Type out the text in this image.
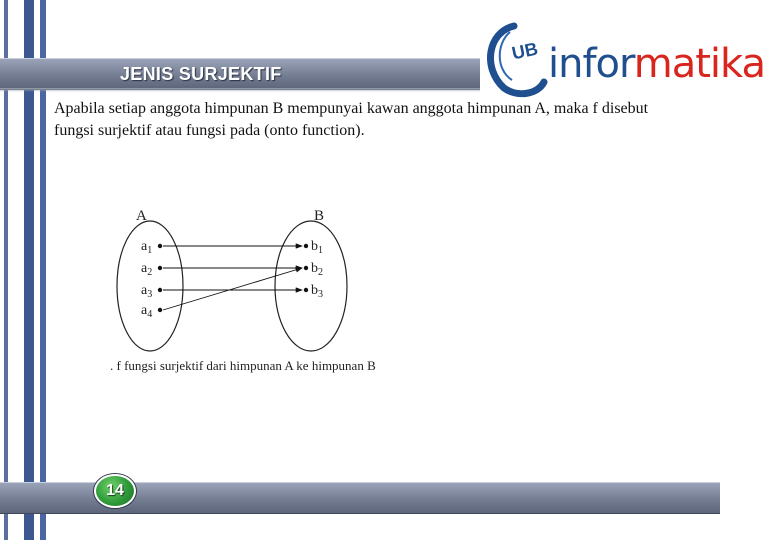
JENIS SURJEKTIF
UB informatika
Apabila setiap anggota himpunan B mempunyai kawan anggota himpunan A, maka f disebut fungsi surjektif atau fungsi pada (onto function).
A	B
$a_1$
$a_2$
$a_3$
$a_4$
$b_1$
$b_2$
$b_3$
. f fungsi surjektif dari himpunan A ke himpunan B
14
